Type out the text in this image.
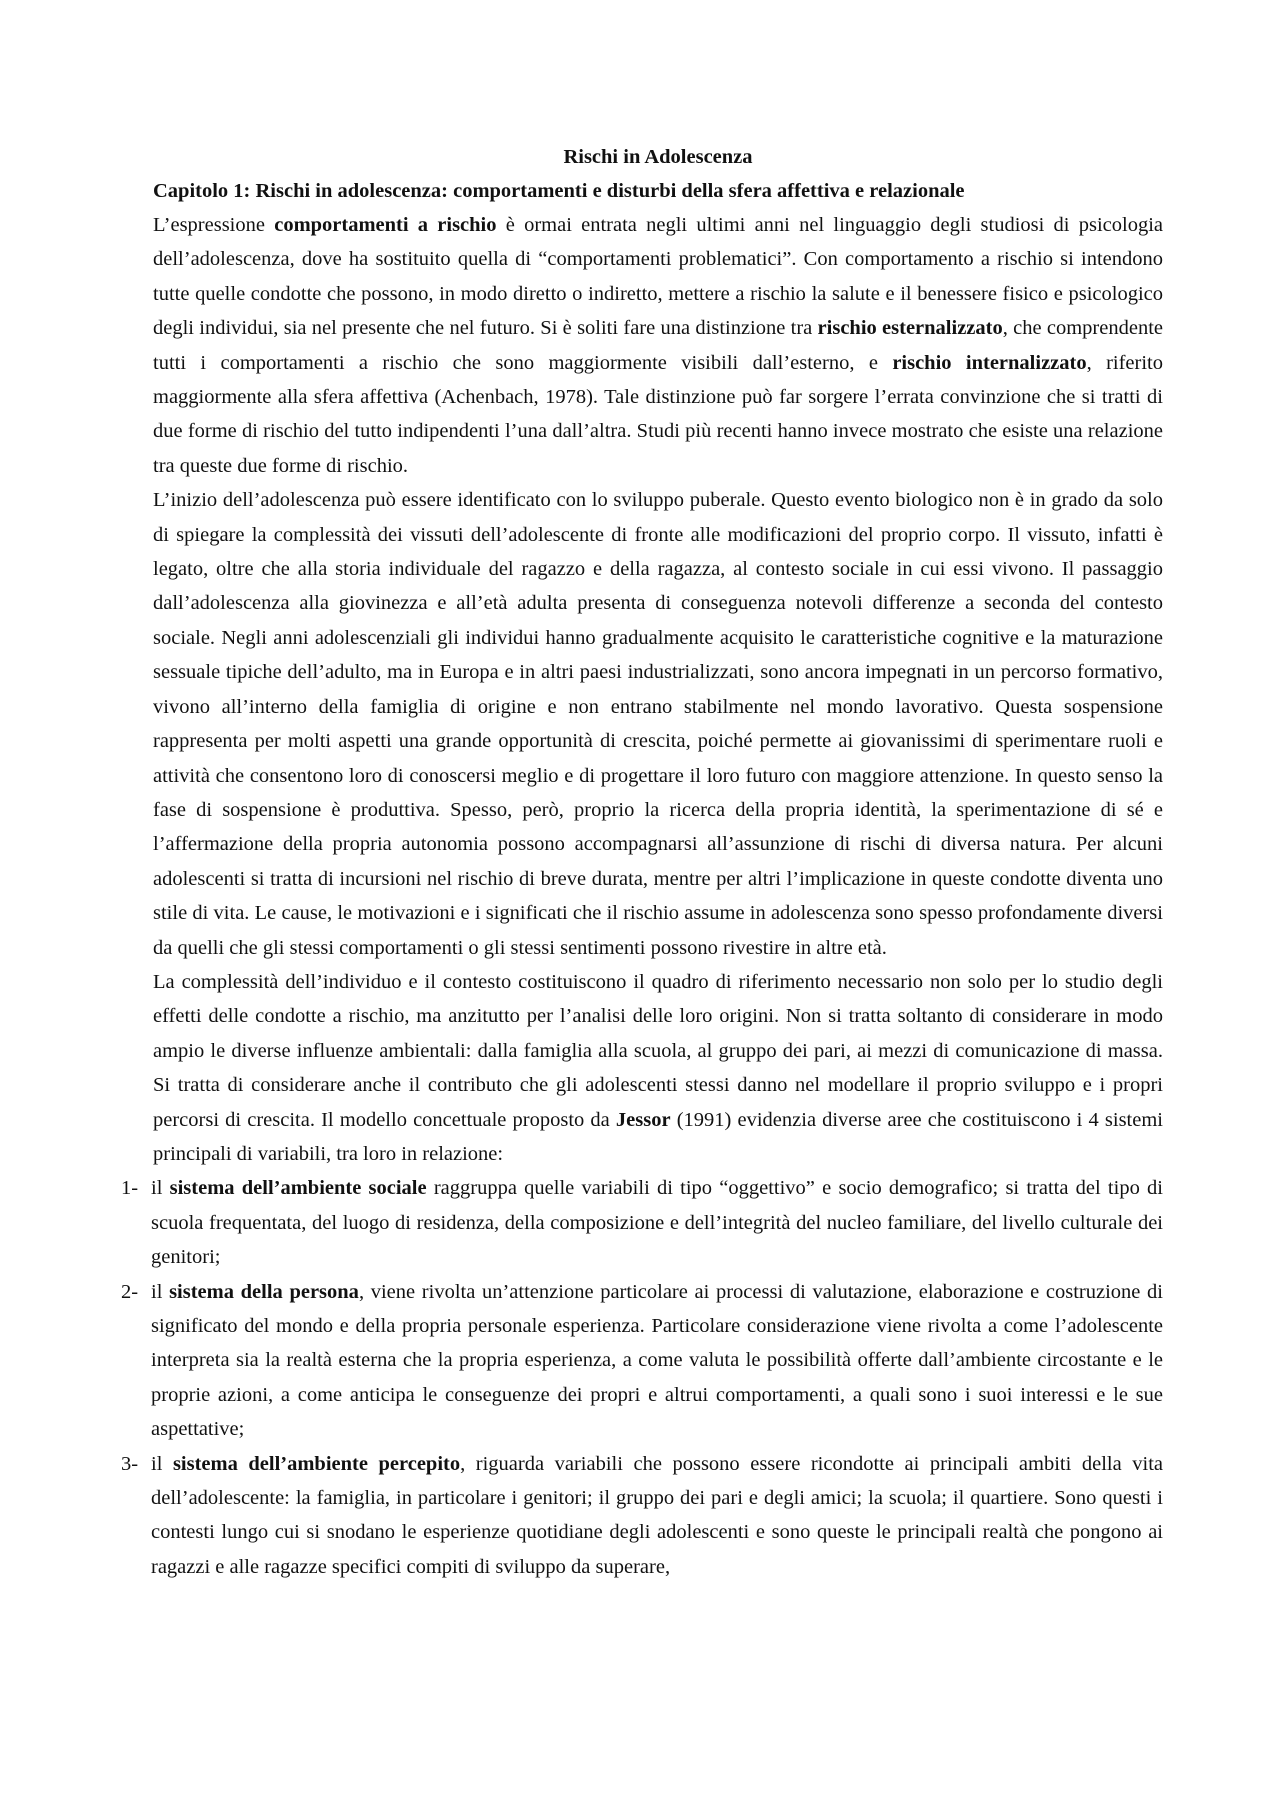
Rischi in Adolescenza
Capitolo 1: Rischi in adolescenza: comportamenti e disturbi della sfera affettiva e relazionale

L’espressione comportamenti a rischio è ormai entrata negli ultimi anni nel linguaggio degli studiosi di psicologia dell’adolescenza, dove ha sostituito quella di “comportamenti problematici”. Con comportamento a rischio si intendono tutte quelle condotte che possono, in modo diretto o indiretto, mettere a rischio la salute e il benessere fisico e psicologico degli individui, sia nel presente che nel futuro. Si è soliti fare una distinzione tra rischio esternalizzato, che comprendente tutti i comportamenti a rischio che sono maggiormente visibili dall’esterno, e rischio internalizzato, riferito maggiormente alla sfera affettiva (Achenbach, 1978). Tale distinzione può far sorgere l’errata convinzione che si tratti di due forme di rischio del tutto indipendenti l’una dall’altra. Studi più recenti hanno invece mostrato che esiste una relazione tra queste due forme di rischio.

L’inizio dell’adolescenza può essere identificato con lo sviluppo puberale. Questo evento biologico non è in grado da solo di spiegare la complessità dei vissuti dell’adolescente di fronte alle modificazioni del proprio corpo. Il vissuto, infatti è legato, oltre che alla storia individuale del ragazzo e della ragazza, al contesto sociale in cui essi vivono. Il passaggio dall’adolescenza alla giovinezza e all’età adulta presenta di conseguenza notevoli differenze a seconda del contesto sociale. Negli anni adolescenziali gli individui hanno gradualmente acquisito le caratteristiche cognitive e la maturazione sessuale tipiche dell’adulto, ma in Europa e in altri paesi industrializzati, sono ancora impegnati in un percorso formativo, vivono all’interno della famiglia di origine e non entrano stabilmente nel mondo lavorativo. Questa sospensione rappresenta per molti aspetti una grande opportunità di crescita, poiché permette ai giovanissimi di sperimentare ruoli e attività che consentono loro di conoscersi meglio e di progettare il loro futuro con maggiore attenzione. In questo senso la fase di sospensione è produttiva. Spesso, però, proprio la ricerca della propria identità, la sperimentazione di sé e l’affermazione della propria autonomia possono accompagnarsi all’assunzione di rischi di diversa natura. Per alcuni adolescenti si tratta di incursioni nel rischio di breve durata, mentre per altri l’implicazione in queste condotte diventa uno stile di vita. Le cause, le motivazioni e i significati che il rischio assume in adolescenza sono spesso profondamente diversi da quelli che gli stessi comportamenti o gli stessi sentimenti possono rivestire in altre età.

La complessità dell’individuo e il contesto costituiscono il quadro di riferimento necessario non solo per lo studio degli effetti delle condotte a rischio, ma anzitutto per l’analisi delle loro origini. Non si tratta soltanto di considerare in modo ampio le diverse influenze ambientali: dalla famiglia alla scuola, al gruppo dei pari, ai mezzi di comunicazione di massa. Si tratta di considerare anche il contributo che gli adolescenti stessi danno nel modellare il proprio sviluppo e i propri percorsi di crescita. Il modello concettuale proposto da Jessor (1991) evidenzia diverse aree che costituiscono i 4 sistemi principali di variabili, tra loro in relazione:

1- il sistema dell’ambiente sociale raggruppa quelle variabili di tipo “oggettivo” e socio demografico; si tratta del tipo di scuola frequentata, del luogo di residenza, della composizione e dell’integrità del nucleo familiare, del livello culturale dei genitori;
2- il sistema della persona, viene rivolta un’attenzione particolare ai processi di valutazione, elaborazione e costruzione di significato del mondo e della propria personale esperienza. Particolare considerazione viene rivolta a come l’adolescente interpreta sia la realtà esterna che la propria esperienza, a come valuta le possibilità offerte dall’ambiente circostante e le proprie azioni, a come anticipa le conseguenze dei propri e altrui comportamenti, a quali sono i suoi interessi e le sue aspettative;
3- il sistema dell’ambiente percepito, riguarda variabili che possono essere ricondotte ai principali ambiti della vita dell’adolescente: la famiglia, in particolare i genitori; il gruppo dei pari e degli amici; la scuola; il quartiere. Sono questi i contesti lungo cui si snodano le esperienze quotidiane degli adolescenti e sono queste le principali realtà che pongono ai ragazzi e alle ragazze specifici compiti di sviluppo da superare,
